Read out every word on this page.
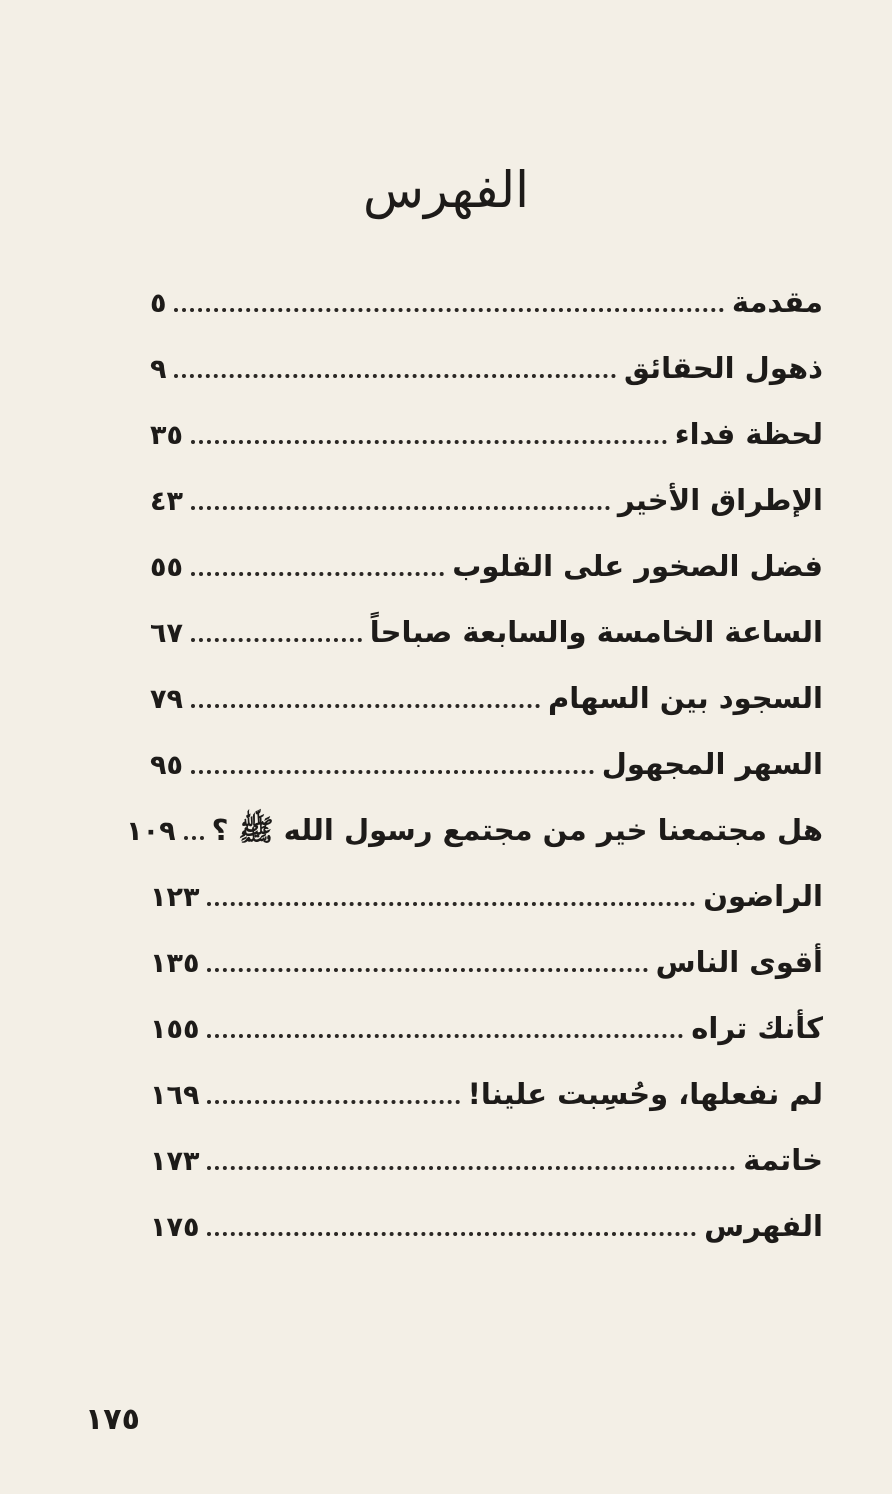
الفهرس
مقدمة
٥
ذهول الحقائق
٩
لحظة فداء
٣٥
الإطراق الأخير
٤٣
فضل الصخور على القلوب
٥٥
الساعة الخامسة والسابعة صباحاً
٦٧
السجود بين السهام
٧٩
السهر المجهول
٩٥
هل مجتمعنا خير من مجتمع رسول الله ﷺ ؟
١٠٩
الراضون
١٢٣
أقوى الناس
١٣٥
كأنك تراه
١٥٥
لم نفعلها، وحُسِبت علينا!
١٦٩
خاتمة
١٧٣
الفهرس
١٧٥
١٧٥
